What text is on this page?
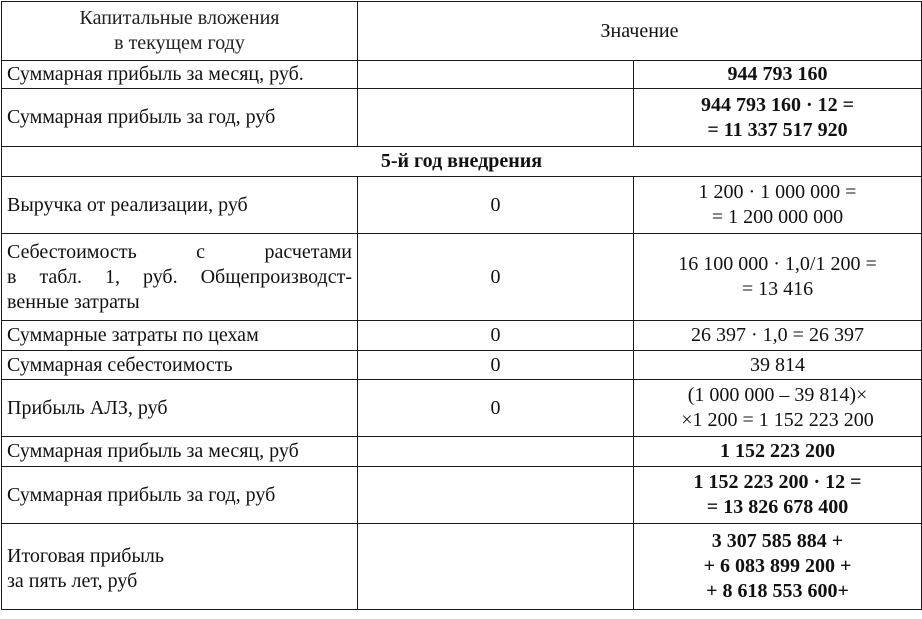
Капитальные вложения
в текущем году	Значение	

Суммарная прибыль за месяц, руб.		944 793 160

Суммарная прибыль за год, руб		944 793 160 · 12 =
= 11 337 517 920

5-й год внедрения		

Выручка от реализации, руб	0	1 200 · 1 000 000 =
= 1 200 000 000

Себестоимость с расчетами
в табл. 1, руб. Общепроизводст-
венные затраты	0	16 100 000 · 1,0/1 200 =
= 13 416

Суммарные затраты по цехам	0	26 397 · 1,0 = 26 397

Суммарная себестоимость	0	39 814

Прибыль АЛЗ, руб	0	(1 000 000 – 39 814)×
×1 200 = 1 152 223 200

Суммарная прибыль за месяц, руб		1 152 223 200

Суммарная прибыль за год, руб		1 152 223 200 · 12 =
= 13 826 678 400

Итоговая прибыль
за пять лет, руб		3 307 585 884 +
+ 6 083 899 200 +
+ 8 618 553 600+
